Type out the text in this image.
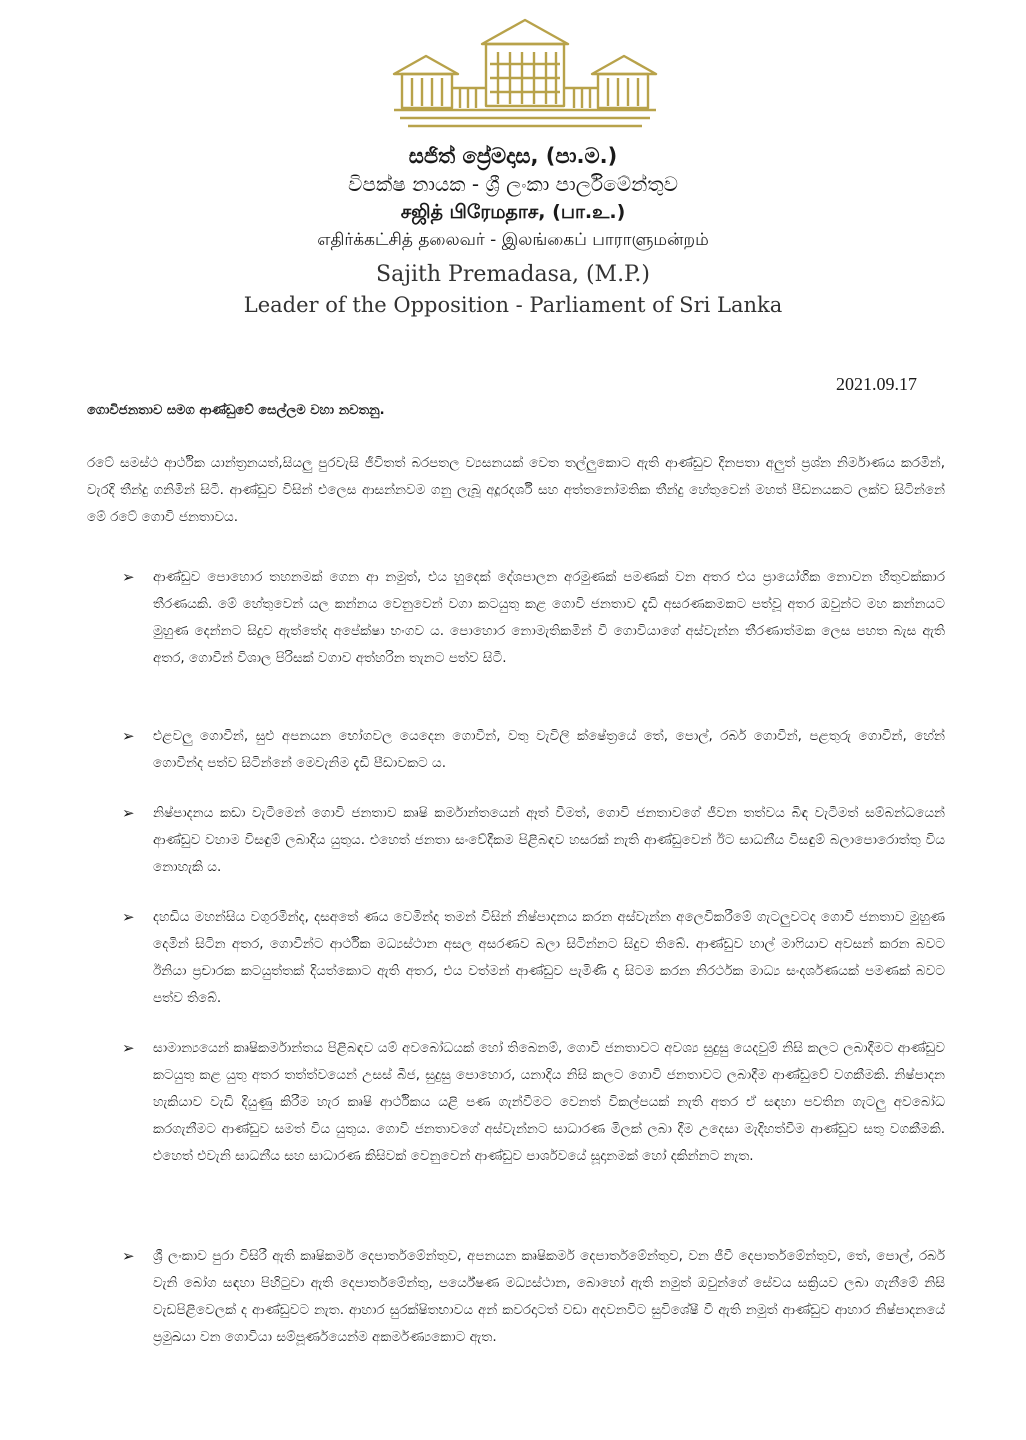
සජිත් ප්‍රේමදාස, (පා.ම.)
විපක්ෂ නායක - ශ්‍රී ලංකා පාර්ලිමේන්තුව
சஜித் பிரேமதாச, (பா.உ.)
எதிர்க்கட்சித் தலைவர் - இலங்கைப் பாராளுமன்றம்
Sajith Premadasa, (M.P.)
Leader of the Opposition - Parliament of Sri Lanka
2021.09.17
ගොවිජනතාව සමග ආණ්ඩුවේ සෙල්ලම වහා නවතනු.

රටේ සමස්ථ ආර්ථික යාන්ත්‍රනයත්,සියලු පුරවැසි ජීවිතත් බරපතල ව්‍යසනයක් වෙත තල්ලුකොට ඇති ආණ්ඩුව දිනපතා අලුත් ප්‍රශ්න නිර්මාණය කරමින්, වැරදි තීන්දු ගනිමින් සිටී. ආණ්ඩුව විසින් එලෙස ආසන්නවම ගනු ලැබූ අදූරදර්ශී සහ අත්තනෝමතික තීන්දු හේතුවෙන් මහත් පීඩනයකට ලක්ව සිටින්නේ මේ රටේ ගොවි ජනතාවය.

➢	ආණ්ඩුව පොහොර තහනමක් ගෙන ආ නමුත්, එය හුදෙක් දේශපාලන අරමුණක් පමණක් වන අතර එය ප්‍රායෝගික නොවන හිතුවක්කාර තීරණයකි. මේ හේතුවෙන් යල කන්නය වෙනුවෙන් වගා කටයුතු කළ ගොවි ජනතාව දැඩි අසරණකමකට පත්වූ අතර ඔවුන්ට මහ කන්නයට මුහුණ දෙන්නට සිදුව ඇත්තේද අපේක්ෂා භංගව ය. පොහොර නොමැතිකමින් වී ගොවියාගේ අස්වැන්න තීරණාත්මක ලෙස පහත බැස ඇති අතර, ගොවීන් විශාල පිරිසක් වගාව අත්හරින තැනට පත්ව සිටී.

➢	එළවලු ගොවීන්, සුළු අපනයන භෝගවල යෙදෙන ගොවීන්, වතු වැවිලි ක්ෂේත්‍රයේ තේ, පොල්, රබර් ගොවීන්, පළතුරු ගොවීන්, හේන් ගොවීන්ද පත්ව සිටින්නේ මෙවැනිම දැඩි පීඩාවකට ය.

➢	නිෂ්පාදනය කඩා වැටීමෙන් ගොවි ජනතාව කෘෂි කර්මාන්තයෙන් ඈත් වීමත්, ගොවි ජනතාවගේ ජීවන තත්වය බිඳ වැටීමත් සම්බන්ධයෙන් ආණ්ඩුව වහාම විසඳුම් ලබාදිය යුතුය. එහෙත් ජනතා සංවේදීකම පිළිබඳව හසරක් නැති ආණ්ඩුවෙන් ඊට සාධනීය විසඳුම් බලාපොරොත්තු විය නොහැකි ය.

➢	දහඩිය මහන්සිය වගුරමින්ද, දසඅතේ ණය වෙමින්ද තමන් විසින් නිෂ්පාදනය කරන අස්වැන්න අලෙවිකරීමේ ගැටලුවටද ගොවි ජනතාව මුහුණ දෙමින් සිටින අතර, ගොවීන්ට ආර්ථික මධ්‍යස්ථාන අසල අසරණව බලා සිටින්නට සිදුව තිබේ. ආණ්ඩුව හාල් මාෆියාව අවසන් කරන බවට ඊනියා ප්‍රචාරක කටයුත්තක් දියත්කොට ඇති අතර, එය වත්මන් ආණ්ඩුව පැමිණි දා සිටම කරන නිරර්ථක මාධ්‍ය සංදර්ශණයක් පමණක් බවට පත්ව තිබේ.

➢	සාමාන්‍යයෙන් කෘෂිකර්මාන්තය පිළිබඳව යම් අවබෝධයක් හෝ තිබෙනම්, ගොවි ජනතාවට අවශ්‍ය සුදුසු යෙදවුම් නිසි කලට ලබාදීමට ආණ්ඩුව කටයුතු කළ යුතු අතර තත්ත්වයෙන් උසස් බීජ, සුදුසු පොහොර, යනාදිය නිසි කලට ගොවි ජනතාවට ලබාදීම ආණ්ඩුවේ වගකීමකි. නිෂ්පාදන හැකියාව වැඩි දියුණු කිරීම හැර කෘෂි ආර්ථිකය යළි පණ ගැන්වීමට වෙනත් විකල්පයක් නැති අතර ඒ සඳහා පවතින ගැටලු අවබෝධ කරගැනීමට ආණ්ඩුව සමත් විය යුතුය. ගොවි ජනතාවගේ අස්වැන්නට සාධාරණ මිලක් ලබා දීම උදෙසා මැදිහත්වීම ආණ්ඩුව සතු වගකීමකි. එහෙත් එවැනි සාධනීය සහ සාධාරණ කිසිවක් වෙනුවෙන් ආණ්ඩුව පාර්ශවයේ සූදානමක් හෝ දකින්නට නැත.

➢	ශ්‍රී ලංකාව පුරා විසිරී ඇති කෘෂිකර්ම දෙපාර්තමේන්තුව, අපනයන කෘෂිකර්ම දෙපාර්තමේන්තුව, වන ජීවී දෙපාර්තමේන්තුව, තේ, පොල්, රබර් වැනි බෝග සඳහා පිහිටුවා ඇති දෙපාර්තමේන්තු, පර්යේෂණ මධ්‍යස්ථාන, බොහෝ ඇති නමුත් ඔවුන්ගේ සේවය සක්‍රියව ලබා ගැනීමේ නිසි වැඩපිළිවෙලක් ද ආණ්ඩුවට නැත. ආහාර සුරක්ෂිතභාවය අන් කවරදාටත් වඩා අදවනවිට සුවිශේෂී වී ඇති නමුත් ආණ්ඩුව ආහාර නිෂ්පාදනයේ ප්‍රමුඛයා වන ගොවියා සම්පූර්ණයෙන්ම අකර්මණ්‍යකොට ඇත.
